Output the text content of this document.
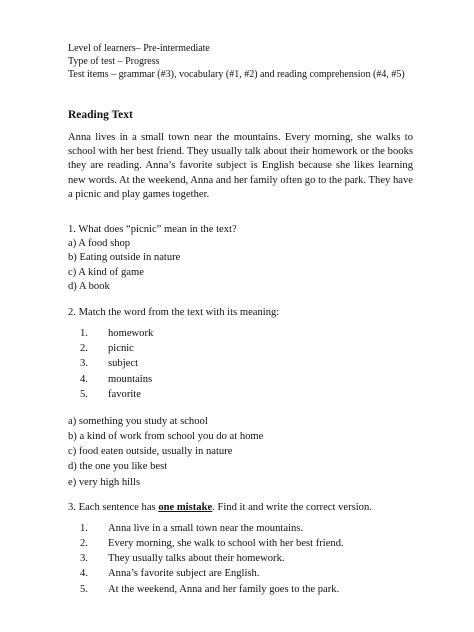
Level of learners– Pre-intermediate
Type of test – Progress
Test items – grammar (#3), vocabulary (#1, #2) and reading comprehension (#4, #5)
Reading Text
Anna lives in a small town near the mountains. Every morning, she walks to school with her best friend. They usually talk about their homework or the books they are reading. Anna’s favorite subject is English because she likes learning new words. At the weekend, Anna and her family often go to the park. They have a picnic and play games together.
1. What does “picnic” mean in the text?
a) A food shop
b) Eating outside in nature
c) A kind of game
d) A book
2. Match the word from the text with its meaning:
1.	homework
2.	picnic
3.	subject
4.	mountains
5.	favorite
a) something you study at school
b) a kind of work from school you do at home
c) food eaten outside, usually in nature
d) the one you like best
e) very high hills
3. Each sentence has one mistake. Find it and write the correct version.
1.	Anna live in a small town near the mountains.
2.	Every morning, she walk to school with her best friend.
3.	They usually talks about their homework.
4.	Anna’s favorite subject are English.
5.	At the weekend, Anna and her family goes to the park.
